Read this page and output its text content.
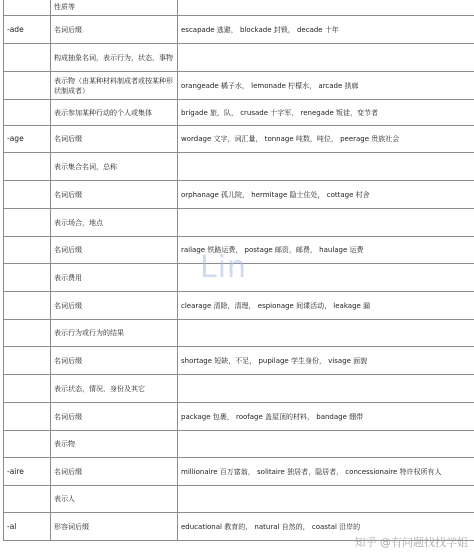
	性质等	
-ade	名词后缀	escapade 逃避， blockade 封锁， decade 十年
	构成抽象名词，表示行为，状态，事物	
	表示物（由某种材料制成者或按某种形状制成者）	orangeade 橘子水， lemonade 柠檬水， arcade 拱廊
	表示参加某种行动的个人或集体	brigade 旅，队， crusade 十字军， renegade 叛徒，变节者
-age	名词后缀	wordage 文字，词汇量， tonnage 吨数，吨位， peerage 贵族社会
	表示集合名词，总称	
	名词后缀	orphanage 孤儿院， hermitage 隐士住处， cottage 村舍
	表示场合，地点	
	名词后缀	railage 铁路运费， postage 邮资，邮费， haulage 运费
	表示费用	
	名词后缀	clearage 清除，清理， espionage 间谍活动， leakage 漏
	表示行为或行为的结果	
	名词后缀	shortage 短缺，不足， pupilage 学生身份， visage 面貌
	表示状态，情况，身份及其它	
	名词后缀	package 包裹， roofage 盖屋顶的材料， bandage 绷带
	表示物	
-aire	名词后缀	millionaire 百万富翁， solitaire 独居者，隐居者， concessionaire 特许权所有人
	表示人	
-al	形容词后缀	educational 教育的， natural 自然的， coastal 沿岸的
Lin
知乎 @有问题找找学姐
